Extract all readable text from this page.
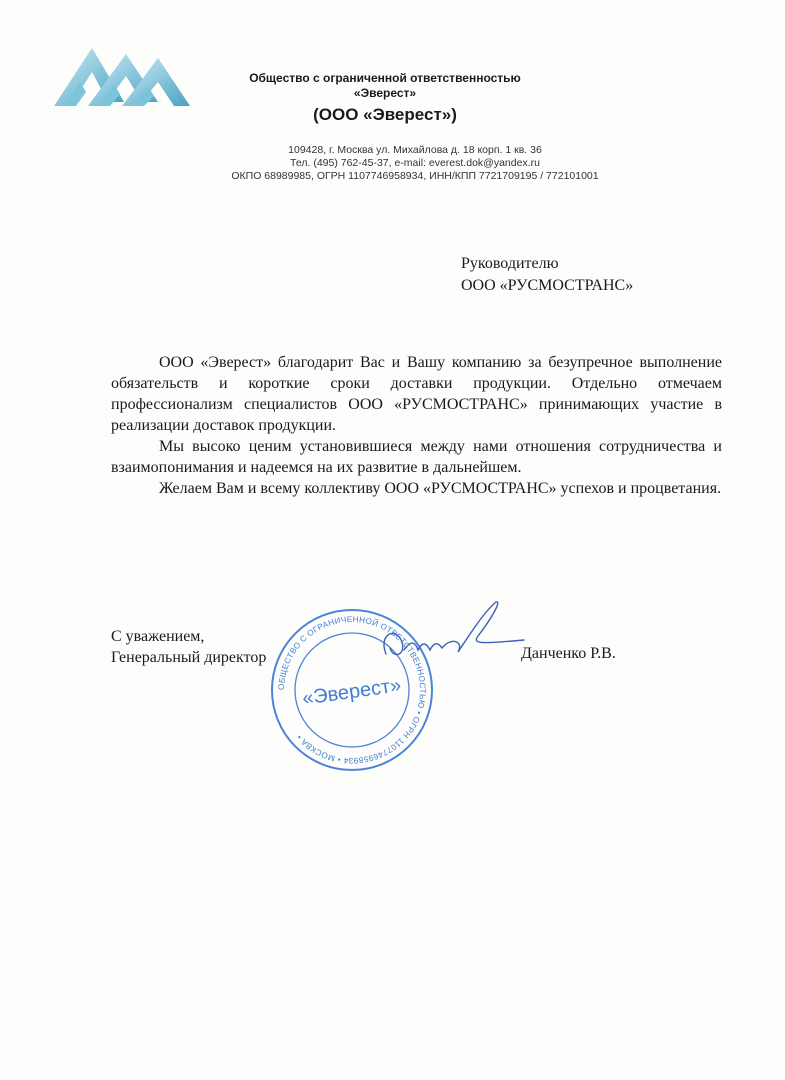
Общество с ограниченной ответственностью
«Эверест»
(ООО «Эверест»)
109428, г. Москва ул. Михайлова д. 18 корп. 1 кв. 36
Тел. (495) 762-45-37, e-mail: everest.dok@yandex.ru
ОКПО 68989985, ОГРН 1107746958934, ИНН/КПП 7721709195 / 772101001
Руководителю
ООО «РУСМОСТРАНС»

ООО «Эверест» благодарит Вас и Вашу компанию за безупречное выполнение обязательств и короткие сроки доставки продукции. Отдельно отмечаем профессионализм специалистов ООО «РУСМОСТРАНС» принимающих участие в реализации доставок продукции.

Мы высоко ценим установившиеся между нами отношения сотрудничества и взаимопонимания и надеемся на их развитие в дальнейшем.

Желаем Вам и всему коллективу ООО «РУСМОСТРАНС» успехов и процветания.

С уважением,
Генеральный директор	Данченко Р.В.
ОБЩЕСТВО С ОГРАНИЧЕННОЙ ОТВЕТСТВЕННОСТЬЮ • ОГРН 1107746958934 • МОСКВА •
«Эверест»
